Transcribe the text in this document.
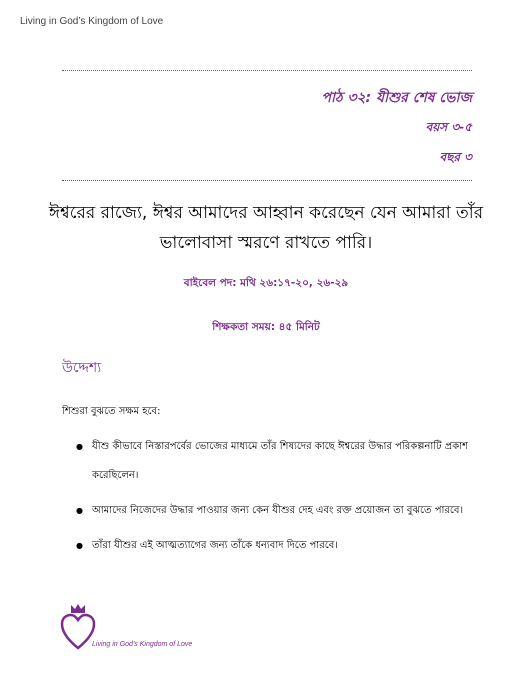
Living in God’s Kingdom of Love
পাঠ ৩২: যীশুর শেষ ভোজ
বয়স ৩-৫
বছর ৩
ঈশ্বরের রাজ্যে, ঈশ্বর আমাদের আহ্বান করেছেন যেন আমারা তাঁর ভালোবাসা স্মরণে রাখতে পারি।
বাইবেল পদ: মথি ২৬:১৭-২০, ২৬-২৯
শিক্ষকতা সময়: ৪৫ মিনিট
উদ্দেশ্য
শিশুরা বুঝতে সক্ষম হবে:
● যীশু কীভাবে নিস্তারপর্বের ভোজের মাধ্যমে তাঁর শিষ্যদের কাছে ঈশ্বরের উদ্ধার পরিকল্পনাটি প্রকাশ করেছিলেন।
● আমাদের নিজেদের উদ্ধার পাওয়ার জন্য কেন যীশুর দেহ এবং রক্ত প্রয়োজন তা বুঝতে পারবে।
● তাঁরা যীশুর এই আত্মত্যাগের জন্য তাঁকে ধন্যবাদ দিতে পারবে।
Living in God’s Kingdom of Love
